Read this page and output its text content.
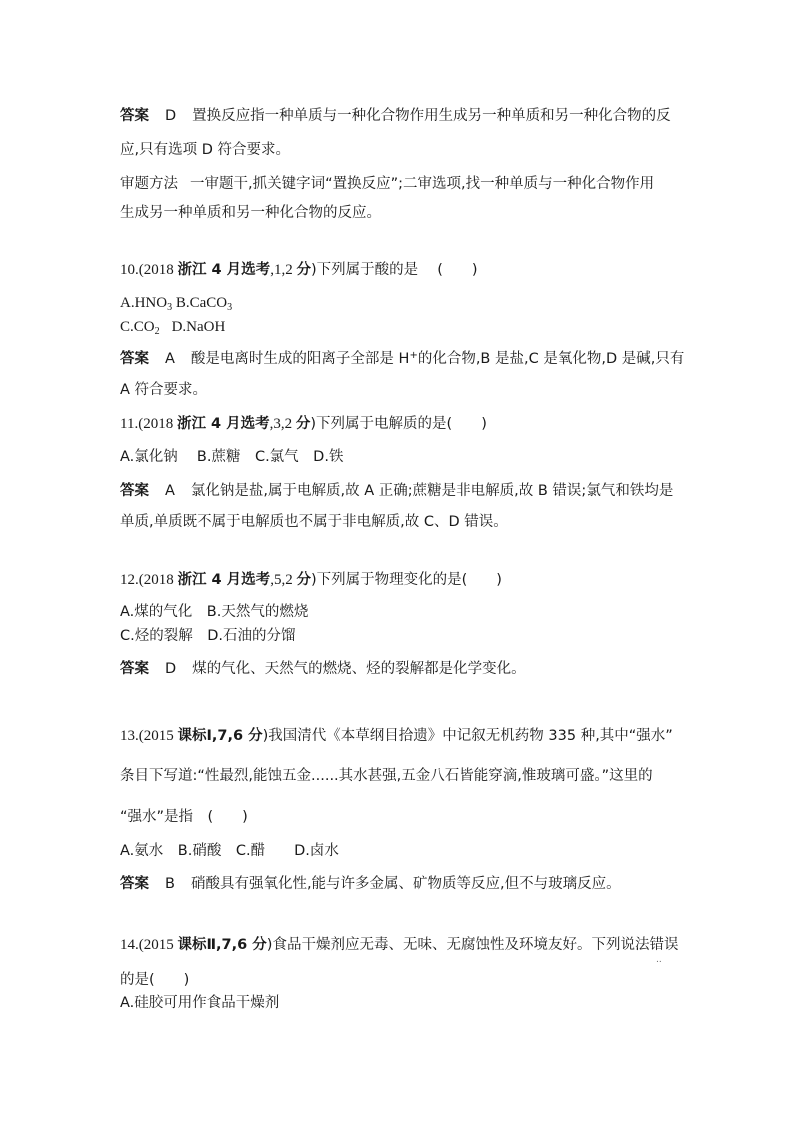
答案 D 置换反应指一种单质与一种化合物作用生成另一种单质和另一种化合物的反
应,只有选项 D 符合要求。
审题方法 一审题干,抓关键字词“置换反应”;二审选项,找一种单质与一种化合物作用
生成另一种单质和另一种化合物的反应。
10.(2018 浙江 4 月选考,1,2 分)下列属于酸的是　 (　　)
$A.HNO_3$ B.CaCO$_3$
$C.CO_2$ D.NaOH
答案 A 酸是电离时生成的阳离子全部是 H+的化合物,B 是盐,C 是氧化物,D 是碱,只有
A 符合要求。
11.(2018 浙江 4 月选考,3,2 分)下列属于电解质的是(　　)
A.氯化钠　 B.蔗糖　C.氯气　D.铁
答案 A 氯化钠是盐,属于电解质,故 A 正确;蔗糖是非电解质,故 B 错误;氯气和铁均是
单质,单质既不属于电解质也不属于非电解质,故 C、D 错误。
12.(2018 浙江 4 月选考,5,2 分)下列属于物理变化的是(　　)
A.煤的气化　B.天然气的燃烧
C.烃的裂解　D.石油的分馏
答案 D 煤的气化、天然气的燃烧、烃的裂解都是化学变化。
13.(2015 课标Ⅰ,7,6 分)我国清代《本草纲目拾遗》中记叙无机药物 335 种,其中“强水”
条目下写道:“性最烈,能蚀五金......其水甚强,五金八石皆能穿滴,惟玻璃可盛。”这里的
“强水”是指　(　　)
A.氨水　B.硝酸　C.醋　　D.卤水
答案 B 硝酸具有强氧化性,能与许多金属、矿物质等反应,但不与玻璃反应。
14.(2015 课标Ⅱ,7,6 分)食品干燥剂应无毒、无味、无腐蚀性及环境友好。下列说法错误
..
的是(　　)
A.硅胶可用作食品干燥剂
